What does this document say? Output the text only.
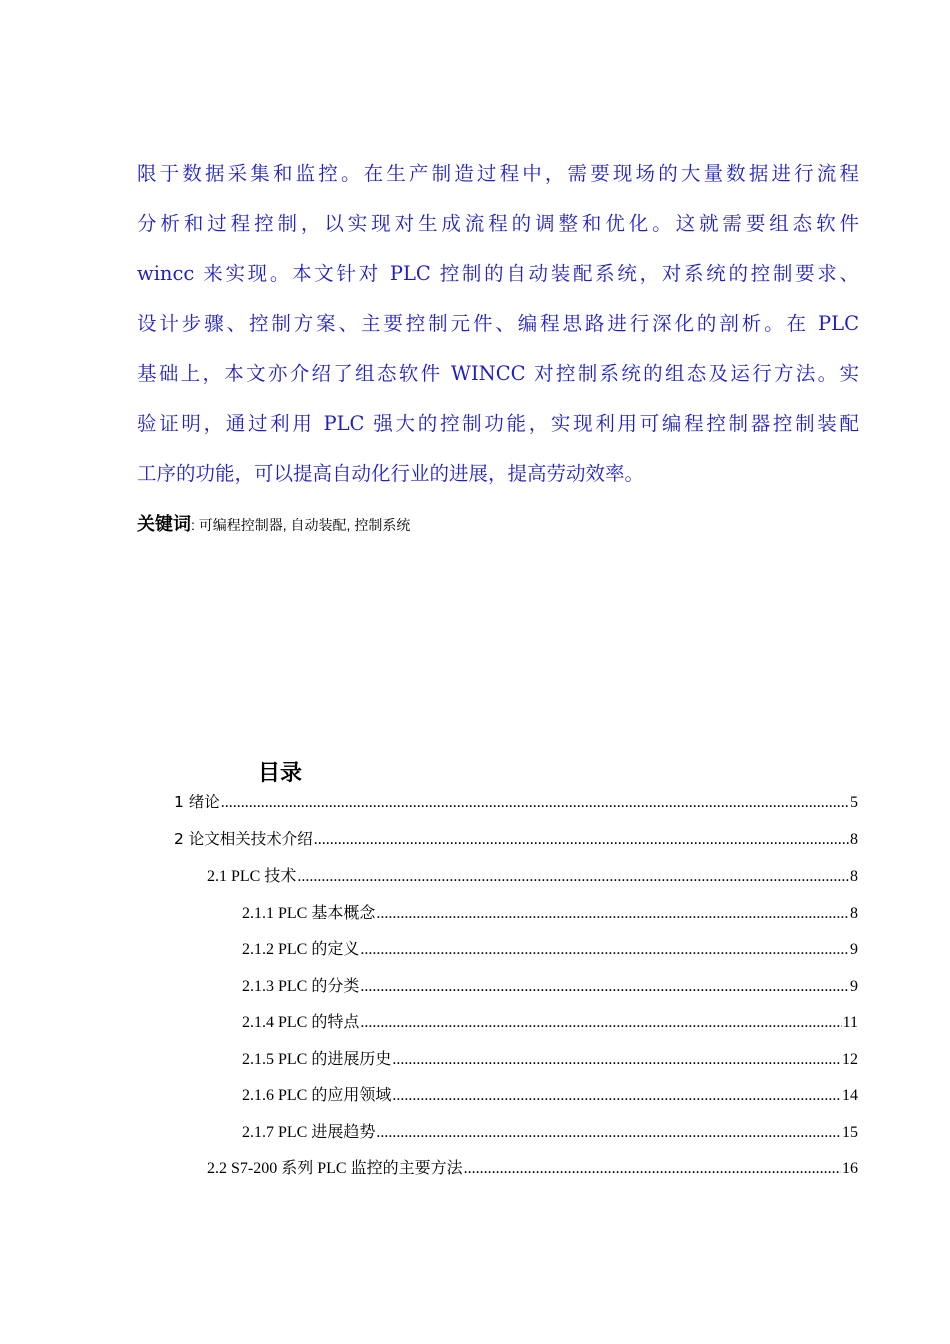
限于数据采集和监控。在生产制造过程中，需要现场的大量数据进行流程
分析和过程控制，以实现对生成流程的调整和优化。这就需要组态软件
wincc 来实现。本文针对 PLC 控制的自动装配系统，对系统的控制要求、
设计步骤、控制方案、主要控制元件、编程思路进行深化的剖析。在 PLC
基础上，本文亦介绍了组态软件 WINCC 对控制系统的组态及运行方法。实
验证明，通过利用 PLC 强大的控制功能，实现利用可编程控制器控制装配
工序的功能，可以提高自动化行业的进展，提高劳动效率。
关键词: 可编程控制器, 自动装配, 控制系统
目录
1 绪论 .....	5
2 论文相关技术介绍 .....	8
2.1 PLC 技术 .....	8
2.1.1 PLC 基本概念 .....	8
2.1.2 PLC 的定义 .....	9
2.1.3 PLC 的分类 .....	9
2.1.4 PLC 的特点 .....	11
2.1.5 PLC 的进展历史 .....	12
2.1.6 PLC 的应用领域 .....	14
2.1.7 PLC 进展趋势 .....	15
2.2 S7-200 系列 PLC 监控的主要方法 .....	16
